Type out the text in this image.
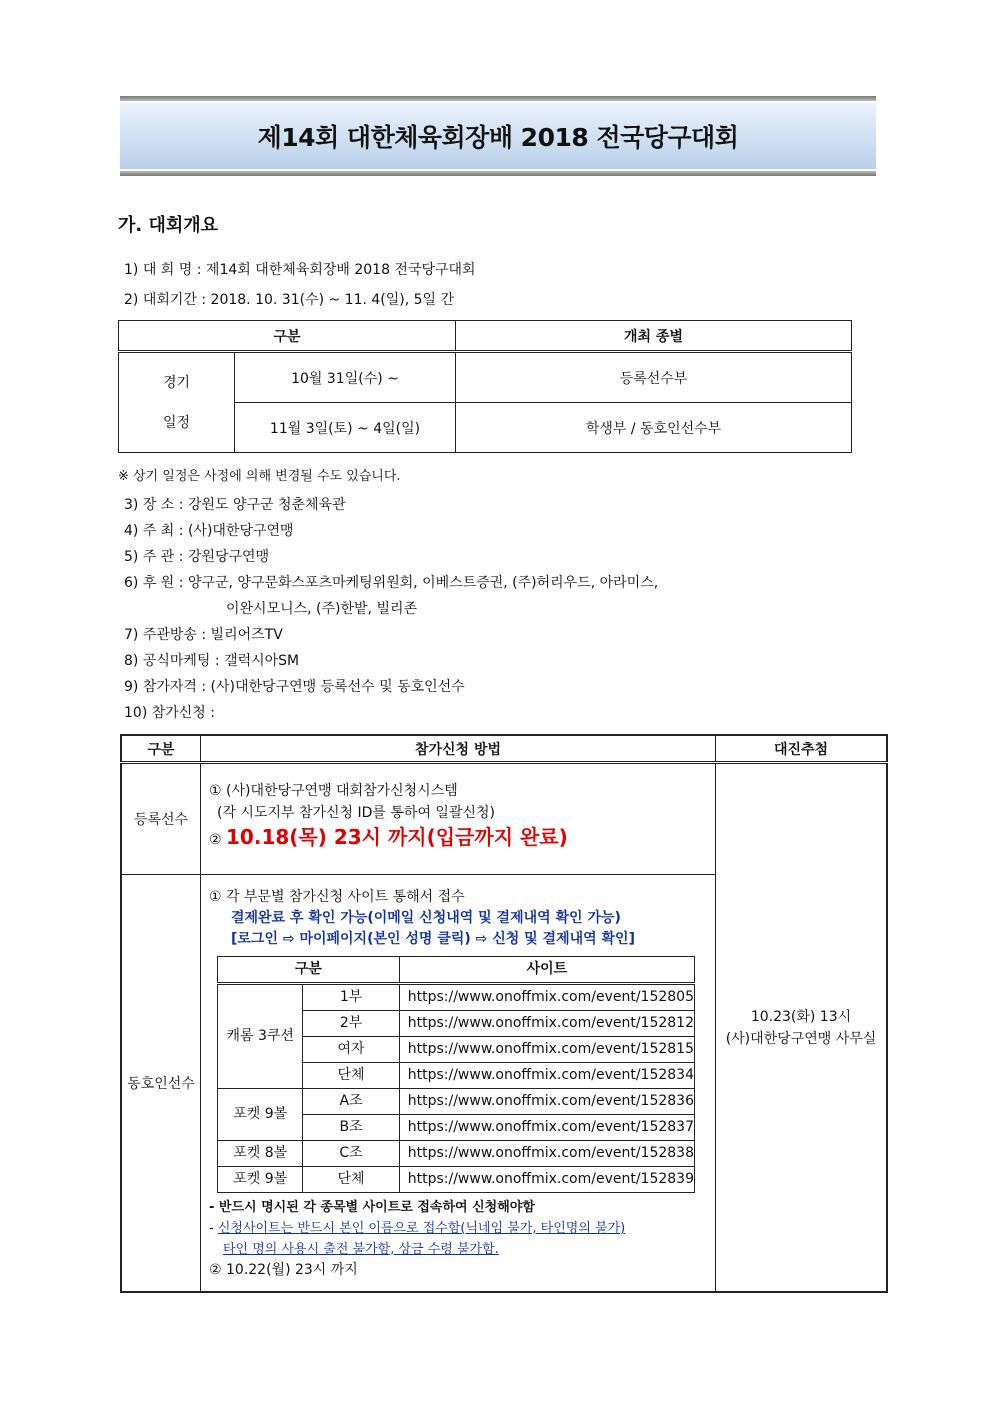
제14회 대한체육회장배 2018 전국당구대회
가. 대회개요
1) 대 회 명 : 제14회 대한체육회장배 2018 전국당구대회
2) 대회기간 : 2018. 10. 31(수) ~ 11. 4(일), 5일 간
구분		개최 종별

경기
일정	10월 31일(수) ~	등록선수부
	11월 3일(토) ~ 4일(일)	학생부 / 동호인선수부
※ 상기 일정은 사정에 의해 변경될 수도 있습니다.
3) 장 소 : 강원도 양구군 청춘체육관
4) 주 최 : (사)대한당구연맹
5) 주 관 : 강원당구연맹
6) 후 원 : 양구군, 양구문화스포츠마케팅위원회, 이베스트증권, (주)허리우드, 아라미스,
이완시모니스, (주)한밭, 빌리존
7) 주관방송 : 빌리어즈TV
8) 공식마케팅 : 갤럭시아SM
9) 참가자격 : (사)대한당구연맹 등록선수 및 동호인선수
10) 참가신청 :
구분	참가신청 방법	대진추첨
등록선수	
① (사)대한당구연맹 대회참가신청시스템
(각 시도지부 참가신청 ID를 통하여 일괄신청)
② 10.18(목) 23시 까지(입금까지 완료)

10.23(화) 13시
(사)대한당구연맹 사무실

동호인선수	
① 각 부문별 참가신청 사이트 통해서 접수
결제완료 후 확인 가능(이메일 신청내역 및 결제내역 확인 가능)
[로그인 ⇨ 마이페이지(본인 성명 클릭) ⇨ 신청 및 결제내역 확인]
구분	사이트
캐롬 3쿠션	1부	https://www.onoffmix.com/event/152805
2부	https://www.onoffmix.com/event/152812
여자	https://www.onoffmix.com/event/152815
단체	https://www.onoffmix.com/event/152834
포켓 9볼	A조	https://www.onoffmix.com/event/152836
B조	https://www.onoffmix.com/event/152837
포켓 8볼	C조	https://www.onoffmix.com/event/152838
포켓 9볼	단체	https://www.onoffmix.com/event/152839
- 반드시 명시된 각 종목별 사이트로 접속하여 신청해야함
- 신청사이트는 반드시 본인 이름으로 접수함(닉네임 불가, 타인명의 불가)
타인 명의 사용시 출전 불가함, 상금 수령 불가함.
② 10.22(월) 23시 까지
